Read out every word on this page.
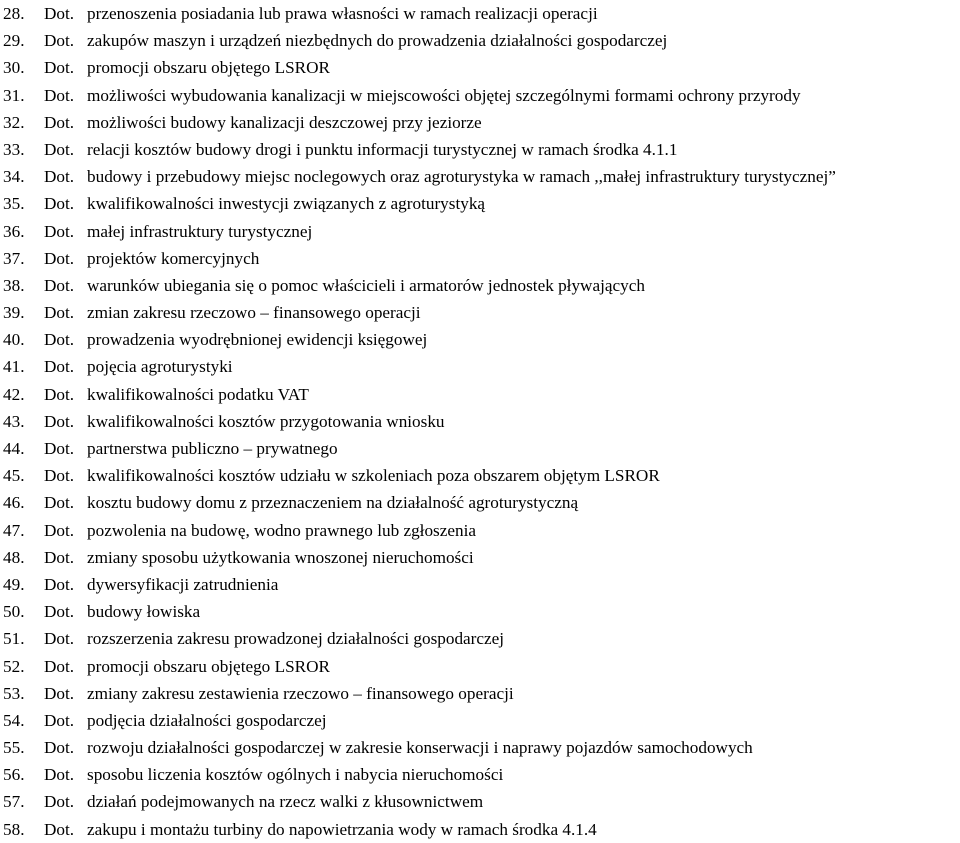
28. Dot. przenoszenia posiadania lub prawa własności w ramach realizacji operacji
29. Dot. zakupów maszyn i urządzeń niezbędnych do prowadzenia działalności gospodarczej
30. Dot. promocji obszaru objętego LSROR
31. Dot. możliwości wybudowania kanalizacji w miejscowości objętej szczególnymi formami ochrony przyrody
32. Dot. możliwości budowy kanalizacji deszczowej przy jeziorze
33. Dot. relacji kosztów budowy drogi i punktu informacji turystycznej w ramach środka 4.1.1
34. Dot. budowy i przebudowy miejsc noclegowych oraz agroturystyka w ramach ,,małej infrastruktury turystycznej”
35. Dot. kwalifikowalności inwestycji związanych z agroturystyką
36. Dot. małej infrastruktury turystycznej
37. Dot. projektów komercyjnych
38. Dot. warunków ubiegania się o pomoc właścicieli i armatorów jednostek pływających
39. Dot. zmian zakresu rzeczowo – finansowego operacji
40. Dot. prowadzenia wyodrębnionej ewidencji księgowej
41. Dot. pojęcia agroturystyki
42. Dot. kwalifikowalności podatku VAT
43. Dot. kwalifikowalności kosztów przygotowania wniosku
44. Dot. partnerstwa publiczno – prywatnego
45. Dot. kwalifikowalności kosztów udziału w szkoleniach poza obszarem objętym LSROR
46. Dot. kosztu budowy domu z przeznaczeniem na działalność agroturystyczną
47. Dot. pozwolenia na budowę, wodno prawnego lub zgłoszenia
48. Dot. zmiany sposobu użytkowania wnoszonej nieruchomości
49. Dot. dywersyfikacji zatrudnienia
50. Dot. budowy łowiska
51. Dot. rozszerzenia zakresu prowadzonej działalności gospodarczej
52. Dot. promocji obszaru objętego LSROR
53. Dot. zmiany zakresu zestawienia rzeczowo – finansowego operacji
54. Dot. podjęcia działalności gospodarczej
55. Dot. rozwoju działalności gospodarczej w zakresie konserwacji i naprawy pojazdów samochodowych
56. Dot. sposobu liczenia kosztów ogólnych i nabycia nieruchomości
57. Dot. działań podejmowanych na rzecz walki z kłusownictwem
58. Dot. zakupu i montażu turbiny do napowietrzania wody w ramach środka 4.1.4
